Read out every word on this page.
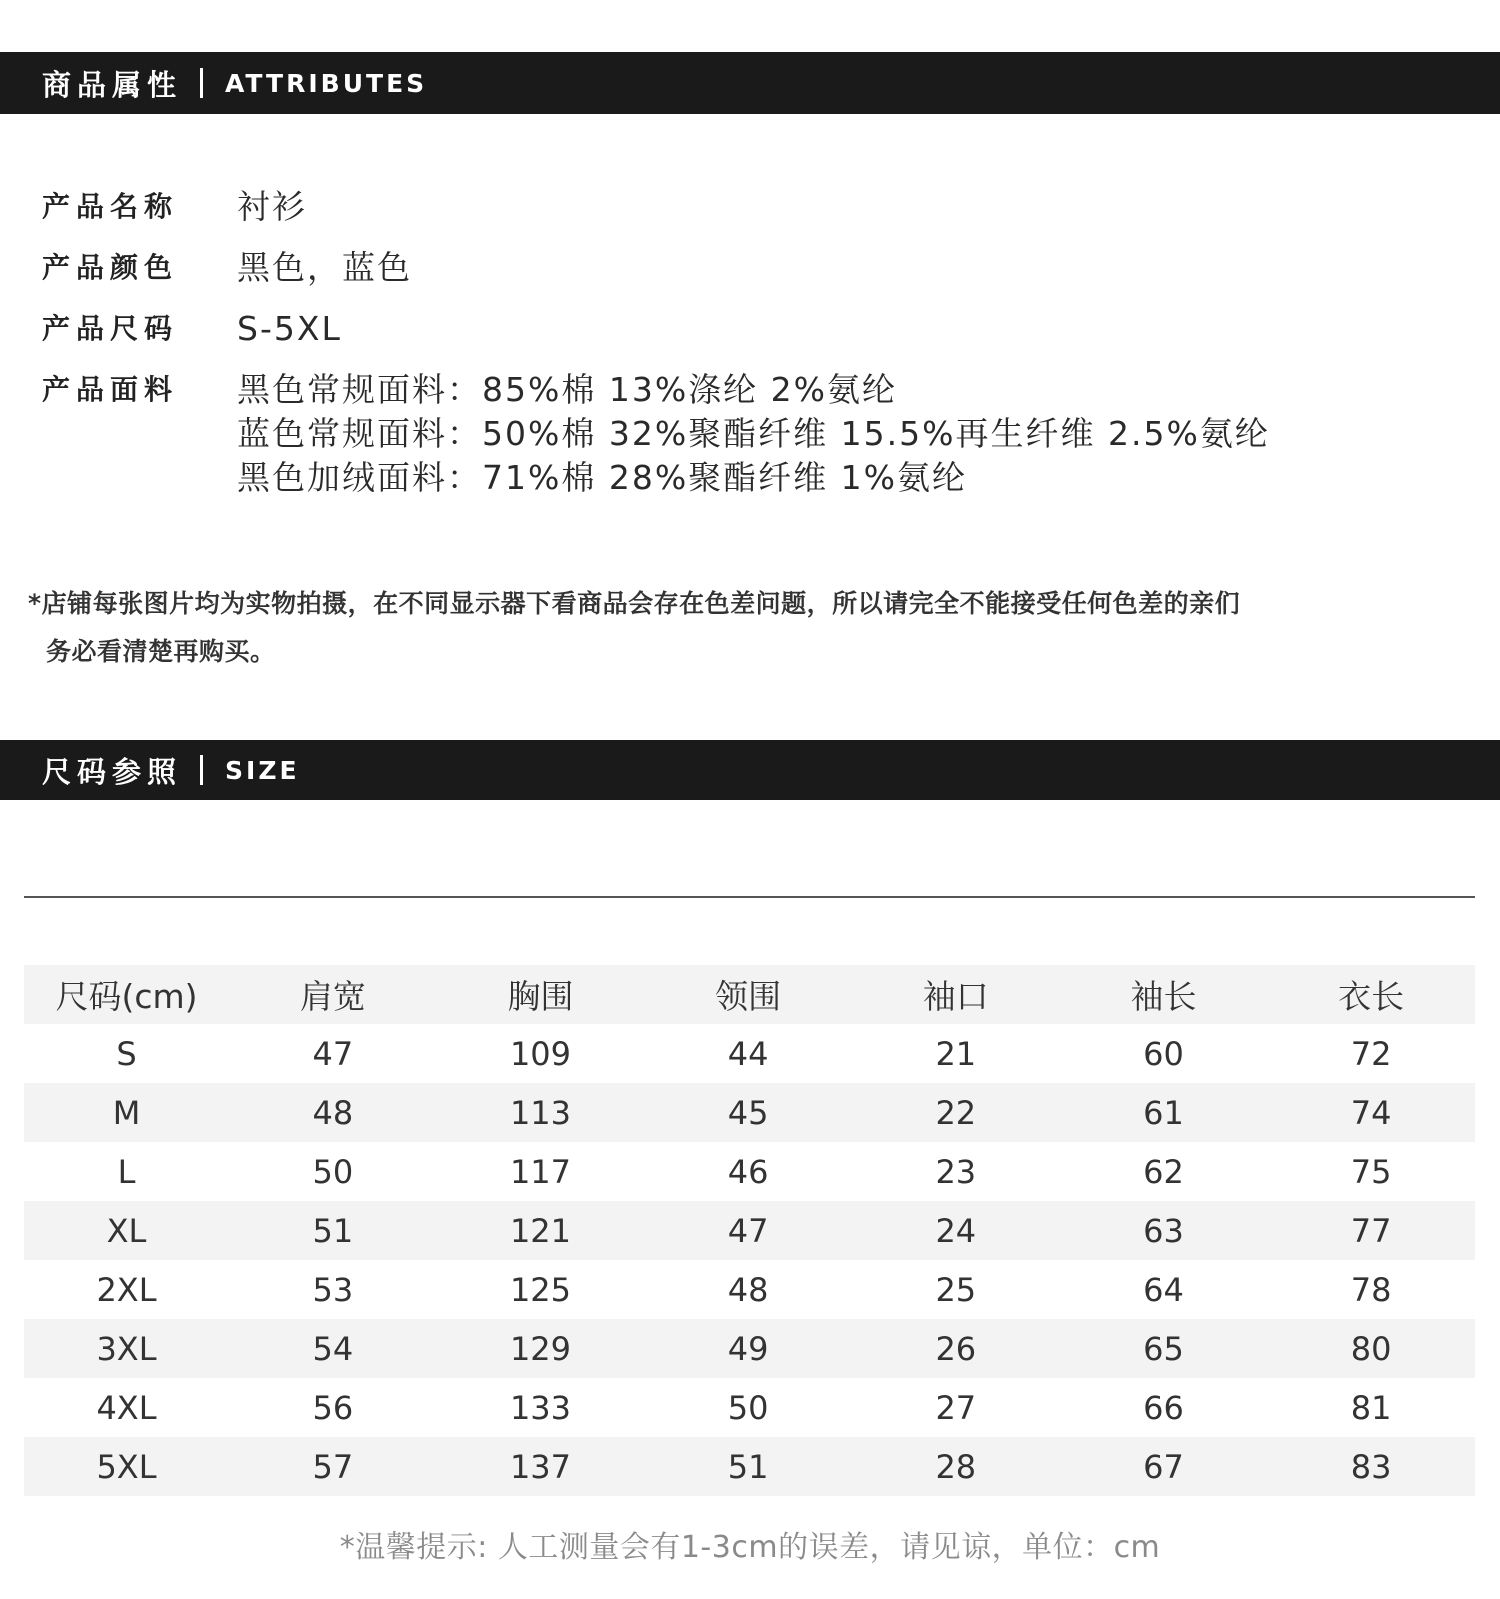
商品属性 ATTRIBUTES
产品名称	衬衫
产品颜色	黑色，蓝色
产品尺码	S-5XL
产品面料	黑色常规面料：85%棉 13%涤纶 2%氨纶
蓝色常规面料：50%棉 32%聚酯纤维 15.5%再生纤维 2.5%氨纶
黑色加绒面料：71%棉 28%聚酯纤维 1%氨纶
*店铺每张图片均为实物拍摄，在不同显示器下看商品会存在色差问题，所以请完全不能接受任何色差的亲们
务必看清楚再购买。
尺码参照 SIZE
尺码(cm)	肩宽	胸围	领围	袖口	袖长	衣长
S	47	109	44	21	60	72
M	48	113	45	22	61	74
L	50	117	46	23	62	75
XL	51	121	47	24	63	77
2XL	53	125	48	25	64	78
3XL	54	129	49	26	65	80
4XL	56	133	50	27	66	81
5XL	57	137	51	28	67	83
*温馨提示: 人工测量会有1-3cm的误差，请见谅，单位：cm
